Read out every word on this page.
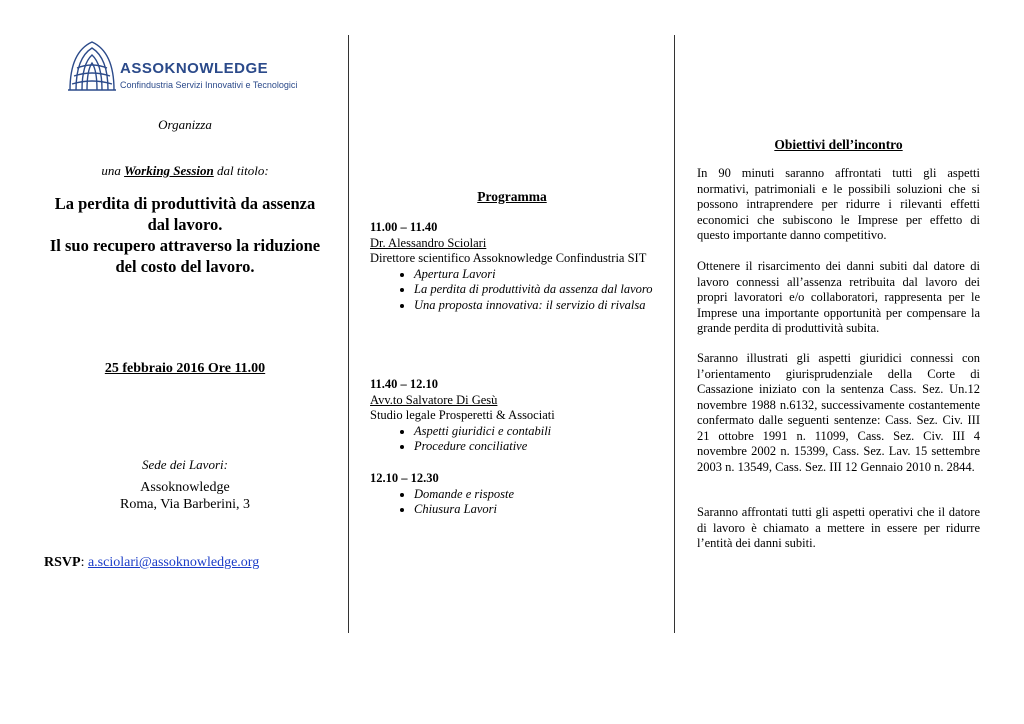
ASSOKNOWLEDGE
Confindustria Servizi Innovativi e Tecnologici
Organizza
una Working Session dal titolo:
La perdita di produttività da assenza
dal lavoro.
Il suo recupero attraverso la riduzione
del costo del lavoro.
25 febbraio 2016 Ore 11.00
Sede dei Lavori:
Assoknowledge
Roma, Via Barberini, 3
RSVP: a.sciolari@assoknowledge.org
Programma

11.00 – 11.40

Dr. Alessandro Sciolari

Direttore scientifico Assoknowledge Confindustria SIT

• Apertura Lavori
• La perdita di produttività da assenza dal lavoro
• Una proposta innovativa: il servizio di rivalsa

11.40 – 12.10

Avv.to Salvatore Di Gesù

Studio legale Prosperetti & Associati

• Aspetti giuridici e contabili
• Procedure conciliative

12.10 – 12.30

• Domande e risposte
• Chiusura Lavori
Obiettivi dell’incontro

In 90 minuti saranno affrontati tutti gli aspetti normativi, patrimoniali e le possibili soluzioni che si possono intraprendere per ridurre i rilevanti effetti economici che subiscono le Imprese per effetto di questo importante danno competitivo.

Ottenere il risarcimento dei danni subiti dal datore di lavoro connessi all’assenza retribuita dal lavoro dei propri lavoratori e/o collaboratori, rappresenta per le Imprese una importante opportunità per compensare la grande perdita di produttività subita.

Saranno illustrati gli aspetti giuridici connessi con l’orientamento giurisprudenziale della Corte di Cassazione iniziato con la sentenza Cass. Sez. Un.12 novembre 1988 n.6132, successivamente costantemente confermato dalle seguenti sentenze: Cass. Sez. Civ. III 21 ottobre 1991 n. 11099, Cass. Sez. Civ. III 4 novembre 2002 n. 15399, Cass. Sez. Lav. 15 settembre 2003 n. 13549, Cass. Sez. III 12 Gennaio 2010 n. 2844.

Saranno affrontati tutti gli aspetti operativi che il datore di lavoro è chiamato a mettere in essere per ridurre l’entità dei danni subiti.
